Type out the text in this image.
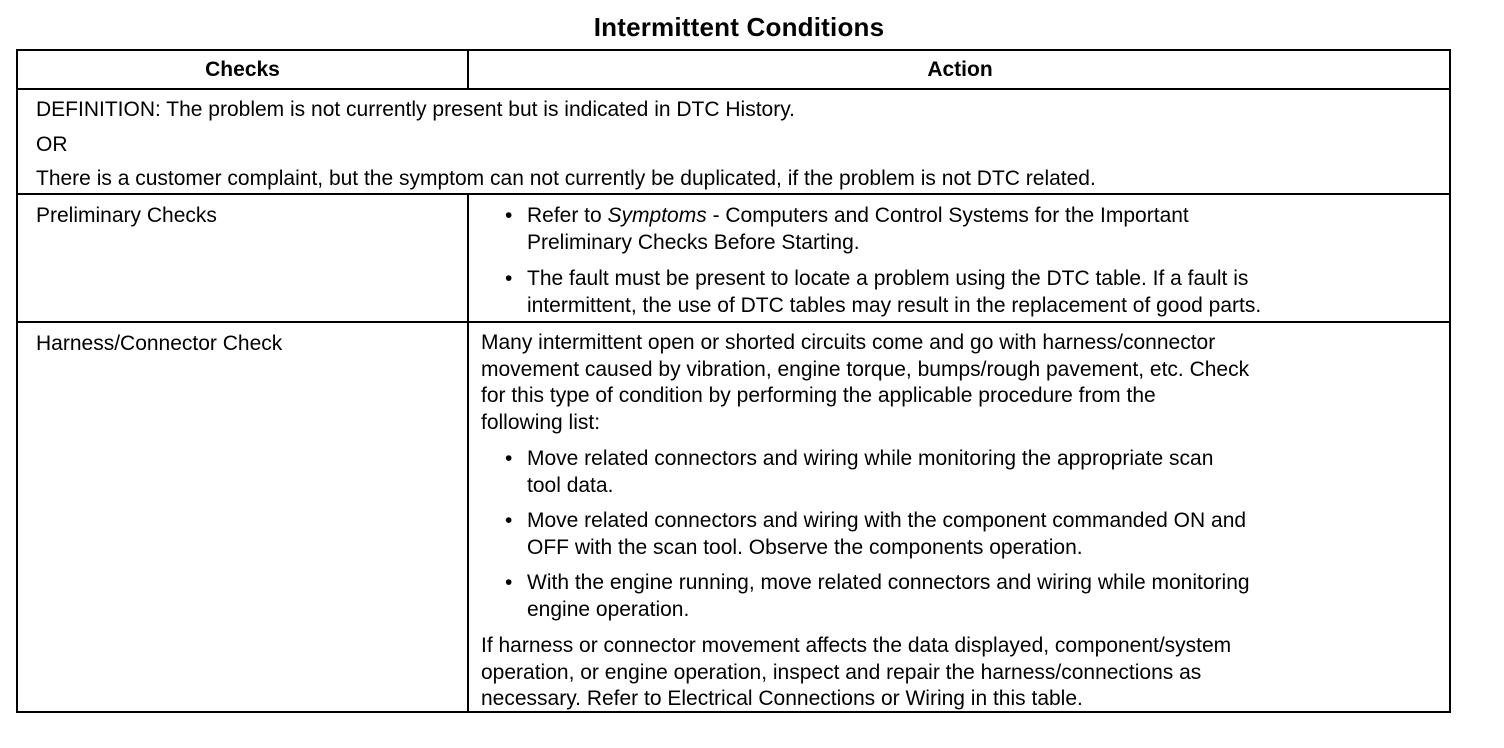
Intermittent Conditions
Checks	Action
DEFINITION: The problem is not currently present but is indicated in DTC History.
OR
There is a customer complaint, but the symptom can not currently be duplicated, if the problem is not DTC related.
Preliminary Checks	• Refer to Symptoms - Computers and Control Systems for the Important
Preliminary Checks Before Starting.
• The fault must be present to locate a problem using the DTC table. If a fault is
intermittent, the use of DTC tables may result in the replacement of good parts.
Harness/Connector Check	Many intermittent open or shorted circuits come and go with harness/connector
movement caused by vibration, engine torque, bumps/rough pavement, etc. Check
for this type of condition by performing the applicable procedure from the
following list:
• Move related connectors and wiring while monitoring the appropriate scan
tool data.
• Move related connectors and wiring with the component commanded ON and
OFF with the scan tool. Observe the components operation.
• With the engine running, move related connectors and wiring while monitoring
engine operation.
If harness or connector movement affects the data displayed, component/system
operation, or engine operation, inspect and repair the harness/connections as
necessary. Refer to Electrical Connections or Wiring in this table.
